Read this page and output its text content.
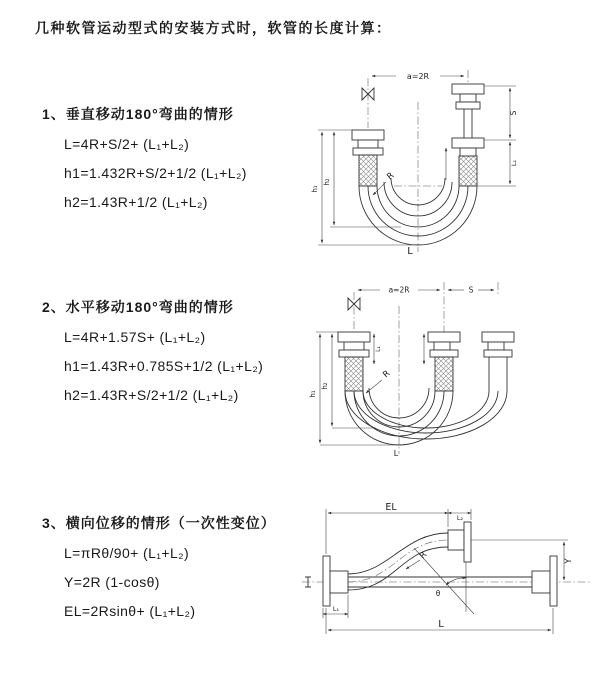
几种软管运动型式的安装方式时，软管的长度计算：
1、垂直移动180°弯曲的情形
L=4R+S/2+ (L₁+L₂)
h1=1.432R+S/2+1/2 (L₁+L₂)
h2=1.43R+1/2 (L₁+L₂)
a=2R
S
L₁
h₁
h₂	R
L
2、水平移动180°弯曲的情形
L=4R+1.57S+ (L₁+L₂)
h1=1.43R+0.785S+1/2 (L₁+L₂)
h2=1.43R+S/2+1/2 (L₁+L₂)
a=2R	S
L₁
h₁
h₂
R
L
3、横向位移的情形（一次性变位）
L=πRθ/90+ (L₁+L₂)
Y=2R (1-cosθ)
EL=2Rsinθ+ (L₁+L₂)
EL
L₂
Y
θ
R
L₁
L
